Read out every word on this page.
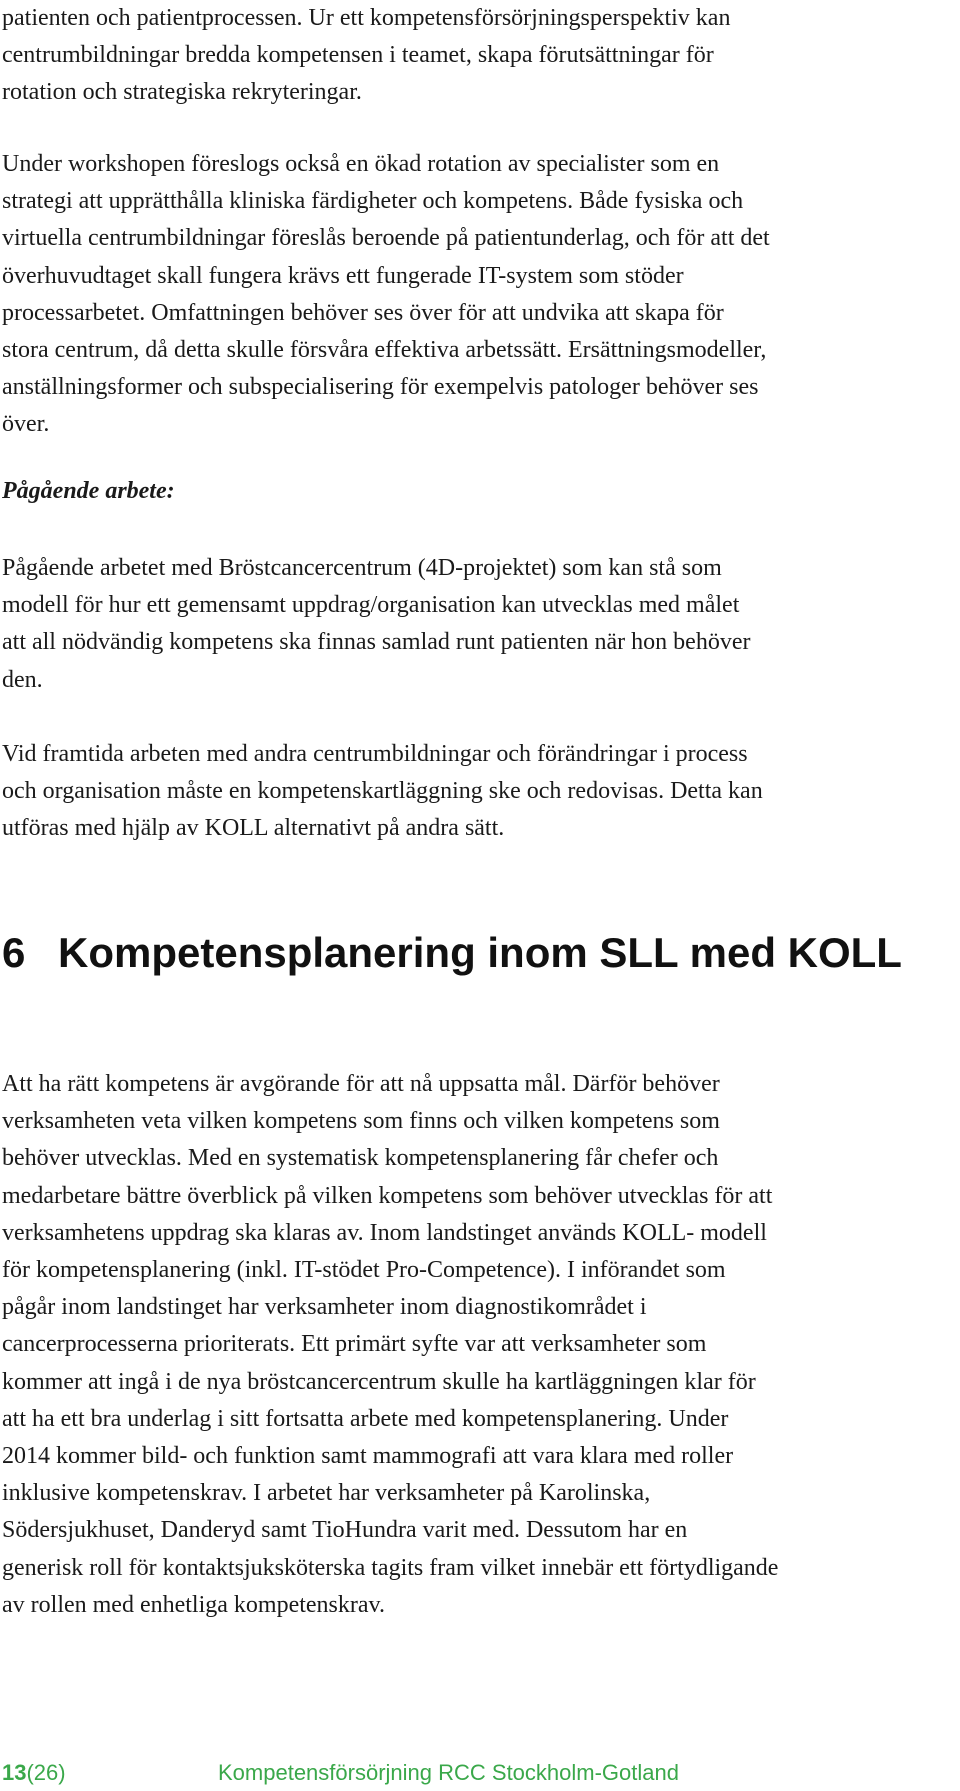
patienten och patientprocessen. Ur ett kompetensförsörjningsperspektiv kan
centrumbildningar bredda kompetensen i teamet, skapa förutsättningar för
rotation och strategiska rekryteringar.

Under workshopen föreslogs också en ökad rotation av specialister som en
strategi att upprätthålla kliniska färdigheter och kompetens. Både fysiska och
virtuella centrumbildningar föreslås beroende på patientunderlag, och för att det
överhuvudtaget skall fungera krävs ett fungerade IT-system som stöder
processarbetet. Omfattningen behöver ses över för att undvika att skapa för
stora centrum, då detta skulle försvåra effektiva arbetssätt. Ersättningsmodeller,
anställningsformer och subspecialisering för exempelvis patologer behöver ses
över.

Pågående arbete:

Pågående arbetet med Bröstcancercentrum (4D-projektet) som kan stå som
modell för hur ett gemensamt uppdrag/organisation kan utvecklas med målet
att all nödvändig kompetens ska finnas samlad runt patienten när hon behöver
den.

Vid framtida arbeten med andra centrumbildningar och förändringar i process
och organisation måste en kompetenskartläggning ske och redovisas. Detta kan
utföras med hjälp av KOLL alternativt på andra sätt.

6 Kompetensplanering inom SLL med KOLL

Att ha rätt kompetens är avgörande för att nå uppsatta mål. Därför behöver
verksamheten veta vilken kompetens som finns och vilken kompetens som
behöver utvecklas. Med en systematisk kompetensplanering får chefer och
medarbetare bättre överblick på vilken kompetens som behöver utvecklas för att
verksamhetens uppdrag ska klaras av. Inom landstinget används KOLL- modell
för kompetensplanering (inkl. IT-stödet Pro-Competence). I införandet som
pågår inom landstinget har verksamheter inom diagnostikområdet i
cancerprocesserna prioriterats. Ett primärt syfte var att verksamheter som
kommer att ingå i de nya bröstcancercentrum skulle ha kartläggningen klar för
att ha ett bra underlag i sitt fortsatta arbete med kompetensplanering. Under
2014 kommer bild- och funktion samt mammografi att vara klara med roller
inklusive kompetenskrav. I arbetet har verksamheter på Karolinska,
Södersjukhuset, Danderyd samt TioHundra varit med. Dessutom har en
generisk roll för kontaktsjuksköterska tagits fram vilket innebär ett förtydligande
av rollen med enhetliga kompetenskrav.

13(26)	Kompetensförsörjning RCC Stockholm-Gotland
